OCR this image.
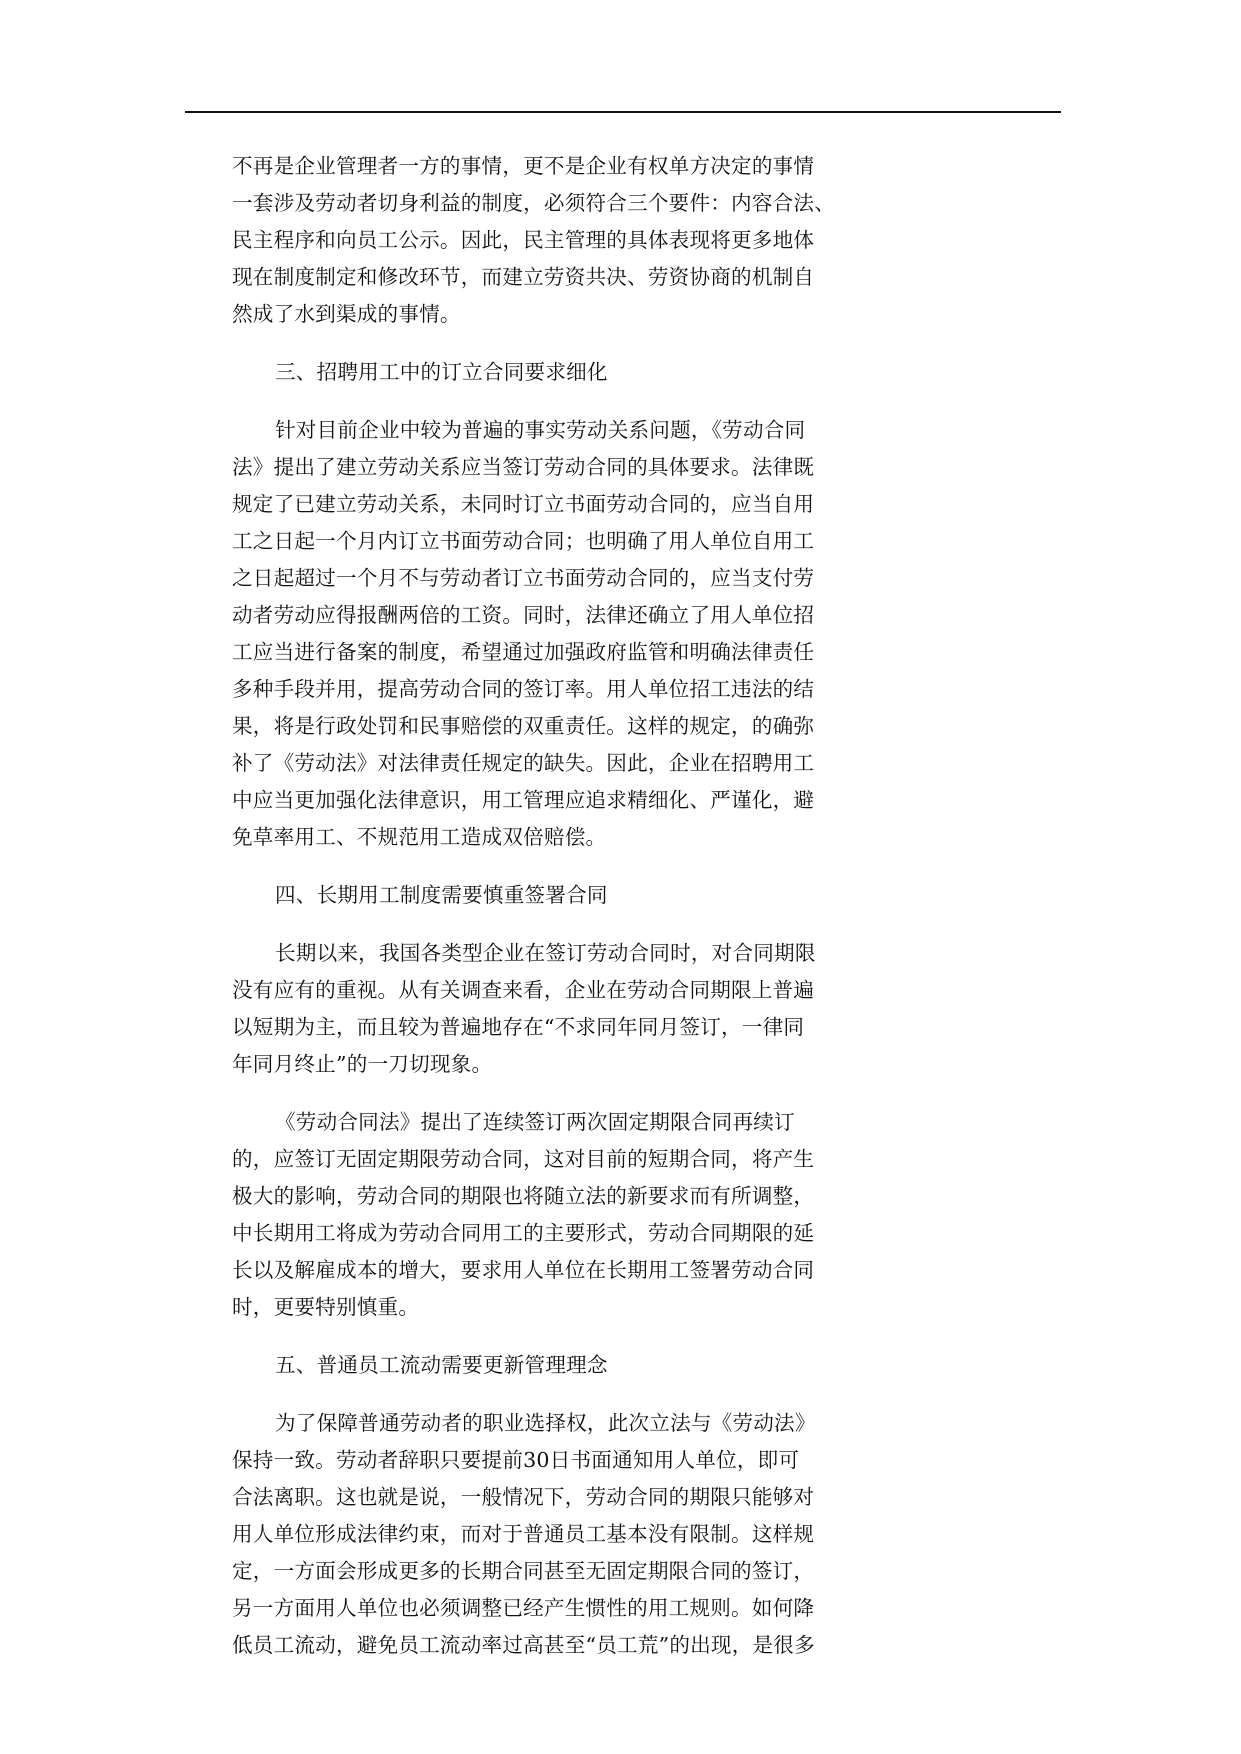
不再是企业管理者一方的事情，更不是企业有权单方决定的事情
一套涉及劳动者切身利益的制度，必须符合三个要件：内容合法、
民主程序和向员工公示。因此，民主管理的具体表现将更多地体
现在制度制定和修改环节，而建立劳资共决、劳资协商的机制自
然成了水到渠成的事情。
三、招聘用工中的订立合同要求细化
针对目前企业中较为普遍的事实劳动关系问题，《劳动合同
法》提出了建立劳动关系应当签订劳动合同的具体要求。法律既
规定了已建立劳动关系，未同时订立书面劳动合同的，应当自用
工之日起一个月内订立书面劳动合同；也明确了用人单位自用工
之日起超过一个月不与劳动者订立书面劳动合同的，应当支付劳
动者劳动应得报酬两倍的工资。同时，法律还确立了用人单位招
工应当进行备案的制度，希望通过加强政府监管和明确法律责任
多种手段并用，提高劳动合同的签订率。用人单位招工违法的结
果，将是行政处罚和民事赔偿的双重责任。这样的规定，的确弥
补了《劳动法》对法律责任规定的缺失。因此，企业在招聘用工
中应当更加强化法律意识，用工管理应追求精细化、严谨化，避
免草率用工、不规范用工造成双倍赔偿。
四、长期用工制度需要慎重签署合同
长期以来，我国各类型企业在签订劳动合同时，对合同期限
没有应有的重视。从有关调查来看，企业在劳动合同期限上普遍
以短期为主，而且较为普遍地存在“不求同年同月签订，一律同
年同月终止”的一刀切现象。
《劳动合同法》提出了连续签订两次固定期限合同再续订
的，应签订无固定期限劳动合同，这对目前的短期合同，将产生
极大的影响，劳动合同的期限也将随立法的新要求而有所调整，
中长期用工将成为劳动合同用工的主要形式，劳动合同期限的延
长以及解雇成本的增大，要求用人单位在长期用工签署劳动合同
时，更要特别慎重。
五、普通员工流动需要更新管理理念
为了保障普通劳动者的职业选择权，此次立法与《劳动法》
保持一致。劳动者辞职只要提前30日书面通知用人单位，即可
合法离职。这也就是说，一般情况下，劳动合同的期限只能够对
用人单位形成法律约束，而对于普通员工基本没有限制。这样规
定，一方面会形成更多的长期合同甚至无固定期限合同的签订，
另一方面用人单位也必须调整已经产生惯性的用工规则。如何降
低员工流动，避免员工流动率过高甚至“员工荒”的出现，是很多
